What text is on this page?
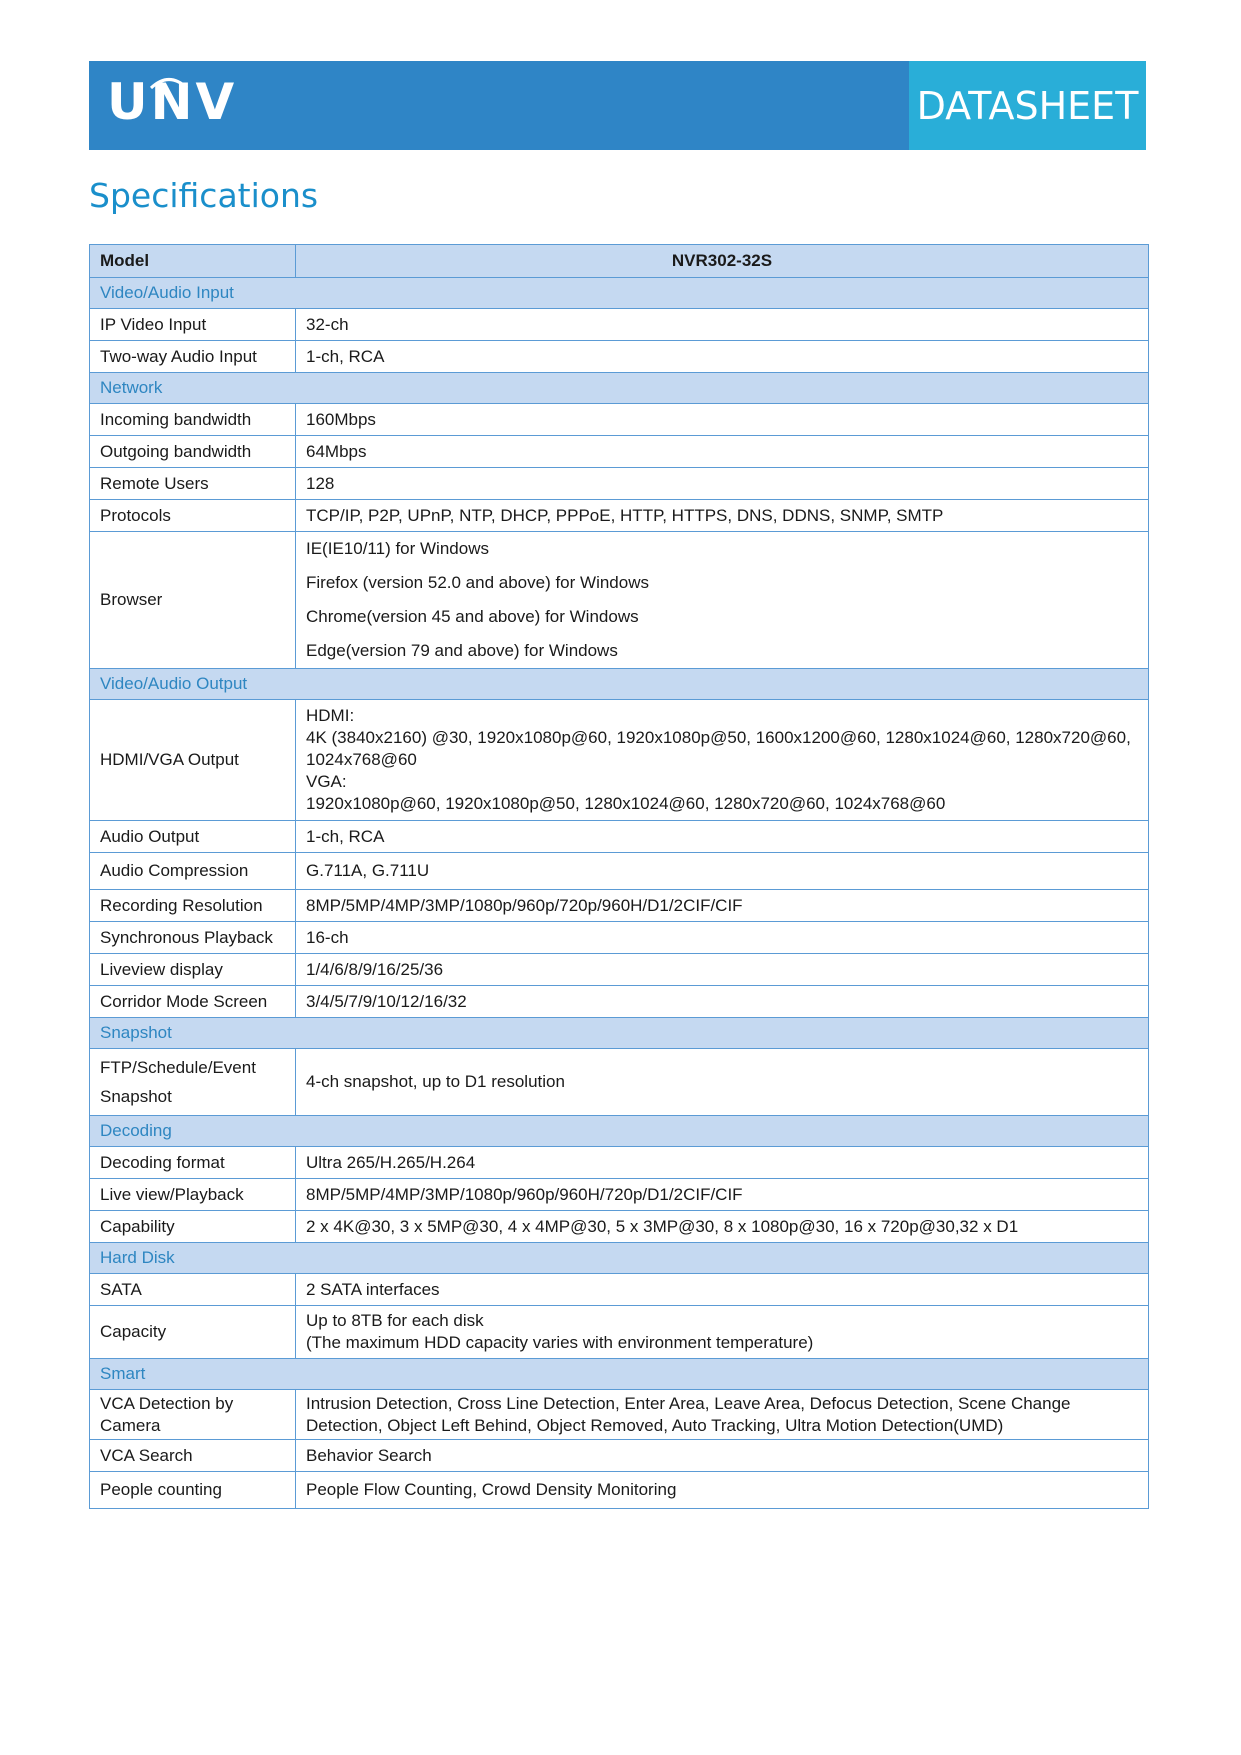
UNV	DATASHEET
Specifications
Model	NVR302-32S
Video/Audio Input	
IP Video Input	32-ch

Two-way Audio Input	1-ch, RCA

Network	
Incoming bandwidth	160Mbps

Outgoing bandwidth	64Mbps

Remote Users	128

Protocols	TCP/IP, P2P, UPnP, NTP, DHCP, PPPoE, HTTP, HTTPS, DNS, DDNS, SNMP, SMTP

Browser	IE(IE10/11) for Windows
Firefox (version 52.0 and above) for Windows
Chrome(version 45 and above) for Windows
Edge(version 79 and above) for Windows

Video/Audio Output	
HDMI/VGA Output	HDMI:
4K (3840x2160) @30, 1920x1080p@60, 1920x1080p@50, 1600x1200@60, 1280x1024@60, 1280x720@60, 1024x768@60
VGA:
1920x1080p@60, 1920x1080p@50, 1280x1024@60, 1280x720@60, 1024x768@60

Audio Output	1-ch, RCA

Audio Compression	G.711A, G.711U

Recording Resolution	8MP/5MP/4MP/3MP/1080p/960p/720p/960H/D1/2CIF/CIF

Synchronous Playback	16-ch

Liveview display	1/4/6/8/9/16/25/36

Corridor Mode Screen	3/4/5/7/9/10/12/16/32

Snapshot	
FTP/Schedule/Event Snapshot	4-ch snapshot, up to D1 resolution

Decoding	
Decoding format	Ultra 265/H.265/H.264

Live view/Playback	8MP/5MP/4MP/3MP/1080p/960p/960H/720p/D1/2CIF/CIF

Capability	2 x 4K@30, 3 x 5MP@30, 4 x 4MP@30, 5 x 3MP@30, 8 x 1080p@30, 16 x 720p@30,32 x D1

Hard Disk	
SATA	2 SATA interfaces

Capacity	Up to 8TB for each disk
(The maximum HDD capacity varies with environment temperature)

Smart	
VCA Detection by Camera	Intrusion Detection, Cross Line Detection, Enter Area, Leave Area, Defocus Detection, Scene Change Detection, Object Left Behind, Object Removed, Auto Tracking, Ultra Motion Detection(UMD)

VCA Search	Behavior Search

People counting	People Flow Counting, Crowd Density Monitoring
